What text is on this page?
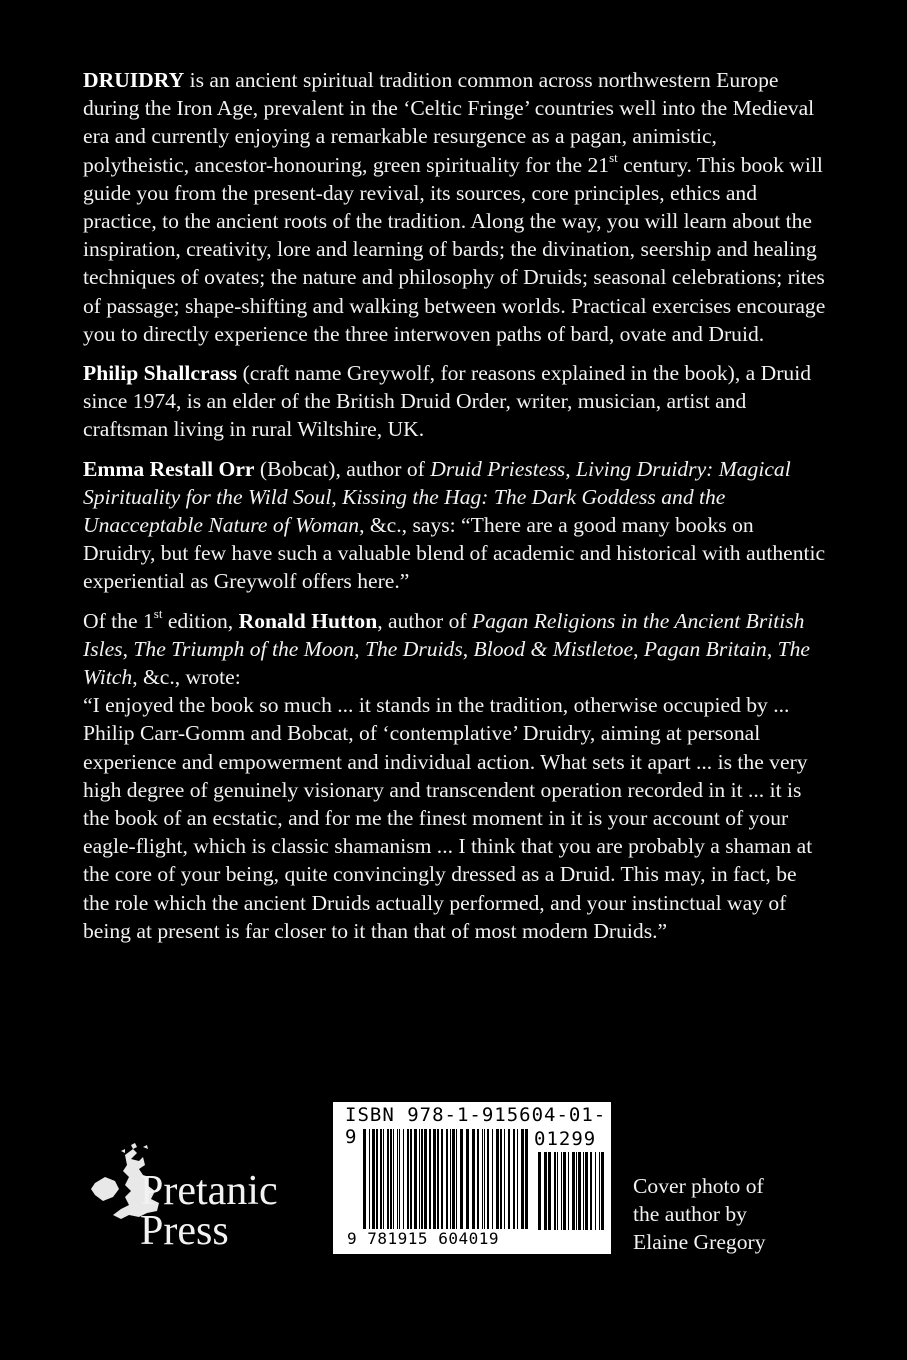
DRUIDRY is an ancient spiritual tradition common across northwestern Europe during the Iron Age, prevalent in the ‘Celtic Fringe’ countries well into the Medieval era and currently enjoying a remarkable resurgence as a pagan, animistic, polytheistic, ancestor-honouring, green spirituality for the 21st century. This book will guide you from the present-day revival, its sources, core principles, ethics and practice, to the ancient roots of the tradition. Along the way, you will learn about the inspiration, creativity, lore and learning of bards; the divination, seership and healing techniques of ovates; the nature and philosophy of Druids; seasonal celebrations; rites of passage; shape-shifting and walking between worlds. Practical exercises encourage you to directly experience the three interwoven paths of bard, ovate and Druid.

Philip Shallcrass (craft name Greywolf, for reasons explained in the book), a Druid since 1974, is an elder of the British Druid Order, writer, musician, artist and craftsman living in rural Wiltshire, UK.

Emma Restall Orr (Bobcat), author of Druid Priestess, Living Druidry: Magical Spirituality for the Wild Soul, Kissing the Hag: The Dark Goddess and the Unacceptable Nature of Woman, &c., says: “There are a good many books on Druidry, but few have such a valuable blend of academic and historical with authentic experiential as Greywolf offers here.”

Of the 1st edition, Ronald Hutton, author of Pagan Religions in the Ancient British Isles, The Triumph of the Moon, The Druids, Blood & Mistletoe, Pagan Britain, The Witch, &c., wrote:
“I enjoyed the book so much ... it stands in the tradition, otherwise occupied by ... Philip Carr-Gomm and Bobcat, of ‘contemplative’ Druidry, aiming at personal experience and empowerment and individual action. What sets it apart ... is the very high degree of genuinely visionary and transcendent operation recorded in it ... it is the book of an ecstatic, and for me the finest moment in it is your account of your eagle-flight, which is classic shamanism ... I think that you are probably a shaman at the core of your being, quite convincingly dressed as a Druid. This may, in fact, be the role which the ancient Druids actually performed, and your instinctual way of being at present is far closer to it than that of most modern Druids.”

ISBN 978-1-915604-01-9	01299
9 781915 604019
Pretanic
Press
Cover photo of
the author by
Elaine Gregory
